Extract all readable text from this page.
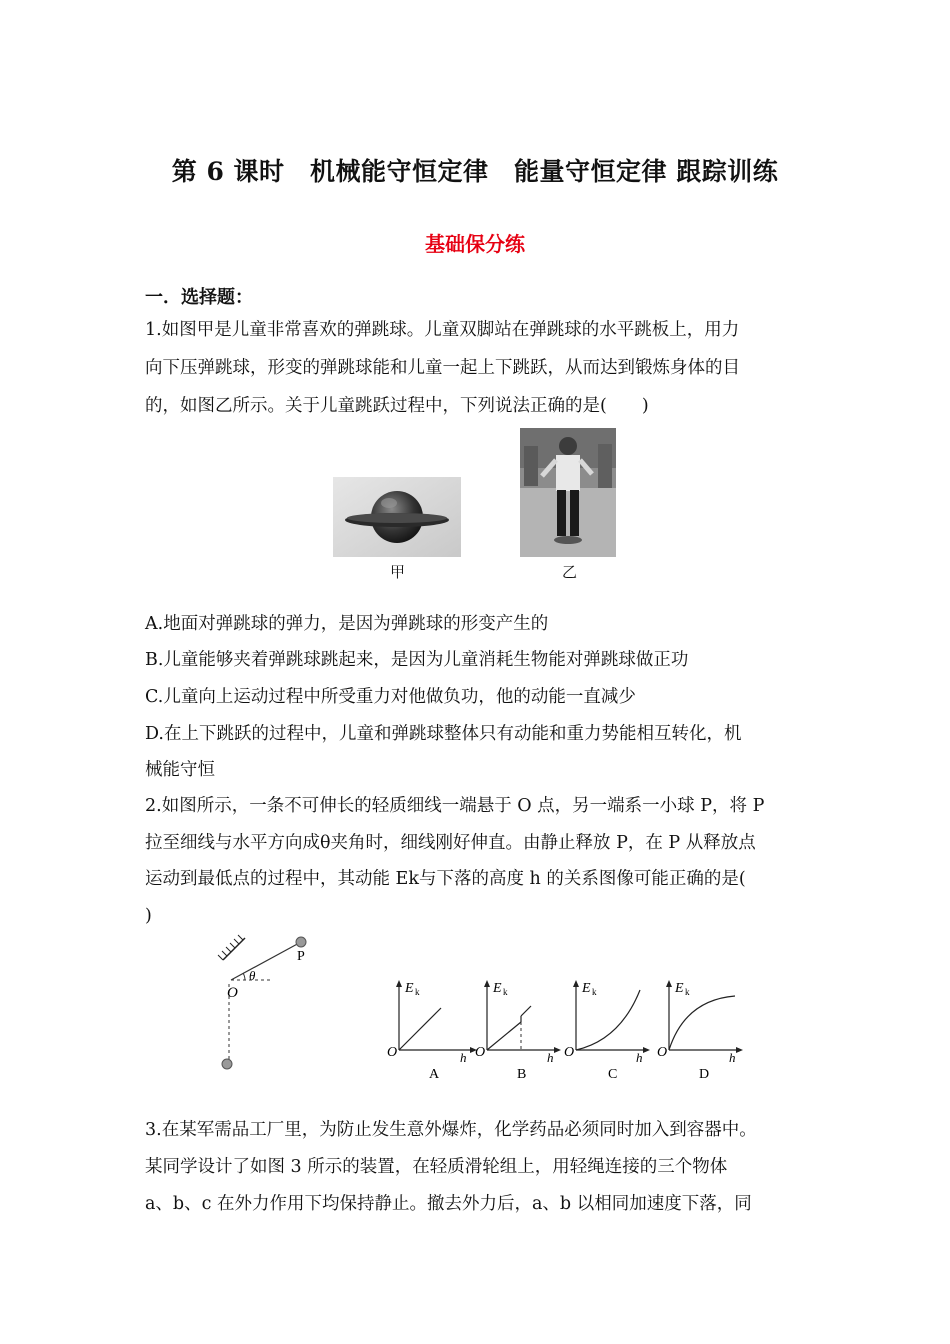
第 6 课时　机械能守恒定律　能量守恒定律 跟踪训练
基础保分练
一．选择题：
1.如图甲是儿童非常喜欢的弹跳球。儿童双脚站在弹跳球的水平跳板上，用力
向下压弹跳球，形变的弹跳球能和儿童一起上下跳跃，从而达到锻炼身体的目
的，如图乙所示。关于儿童跳跃过程中，下列说法正确的是(　　)
甲	乙
A.地面对弹跳球的弹力，是因为弹跳球的形变产生的
B.儿童能够夹着弹跳球跳起来，是因为儿童消耗生物能对弹跳球做正功
C.儿童向上运动过程中所受重力对他做负功，他的动能一直减少
D.在上下跳跃的过程中，儿童和弹跳球整体只有动能和重力势能相互转化，机
械能守恒
2.如图所示，一条不可伸长的轻质细线一端悬于 O 点，另一端系一小球 P，将 P
拉至细线与水平方向成θ夹角时，细线刚好伸直。由静止释放 P，在 P 从释放点
运动到最低点的过程中，其动能 Ek与下落的高度 h 的关系图像可能正确的是(
)
P
O
θ
E k
O	h
A
E k
O	h
B
E k
O	h
C
E k
O	h
D
3.在某军需品工厂里，为防止发生意外爆炸，化学药品必须同时加入到容器中。
某同学设计了如图 3 所示的装置，在轻质滑轮组上，用轻绳连接的三个物体
a、b、c 在外力作用下均保持静止。撤去外力后，a、b 以相同加速度下落，同
